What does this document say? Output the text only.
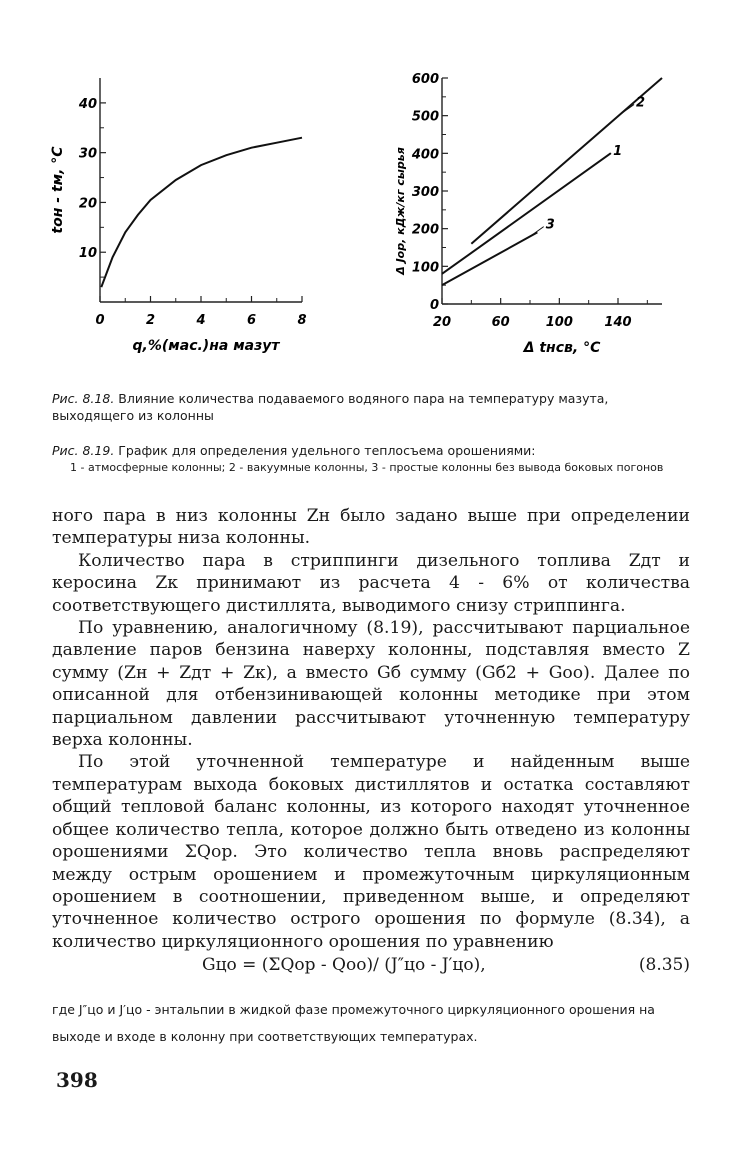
10
20
30
40
0	2	4	6	8
q,%(мас.)на мазут
tон - tм, °C
0
100
200
300
400
500
600
20	60	100 140
1
2
3
Δ tнсв, °C
Δ Jор, кДж/кг сырья
Рис. 8.18. Влияние количества подаваемого водяного пара на температуру мазута, выходящего из колонны
Рис. 8.19. График для определения удельного теплосъема орошениями:
1 - атмосферные колонны; 2 - вакуумные колонны, 3 - простые колонны без вывода боковых погонов

ного пара в низ колонны Zн было задано выше при определении температуры низа колонны.

Количество пара в стриппинги дизельного топлива Zдт и керосина Zк принимают из расчета 4 - 6% от количества соответствующего дистиллята, выводимого снизу стриппинга.

По уравнению, аналогичному (8.19), рассчитывают парциальное давление паров бензина наверху колонны, подставляя вместо Z сумму (Zн + Zдт + Zк), а вместо Gб сумму (Gб2 + Gоо). Далее по описанной для отбензинивающей колонны методике при этом парциальном давлении рассчитывают уточненную температуру верха колонны.

По этой уточненной температуре и найденным выше температурам выхода боковых дистиллятов и остатка составляют общий тепловой баланс колонны, из которого находят уточненное общее количество тепла, которое должно быть отведено из колонны орошениями ΣQор. Это количество тепла вновь распределяют между острым орошением и промежуточным циркуляционным орошением в соотношении, приведенном выше, и определяют уточненное количество острого орошения по формуле (8.34), а количество циркуляционного орошения по уравнению

Gцо = (ΣQор - Qоо)/ (J″цо - J′цо),	(8.35)
где J″цо и J′цо - энтальпии в жидкой фазе промежуточного циркуляционного орошения на выходе и входе в колонну при соответствующих температурах.
398
